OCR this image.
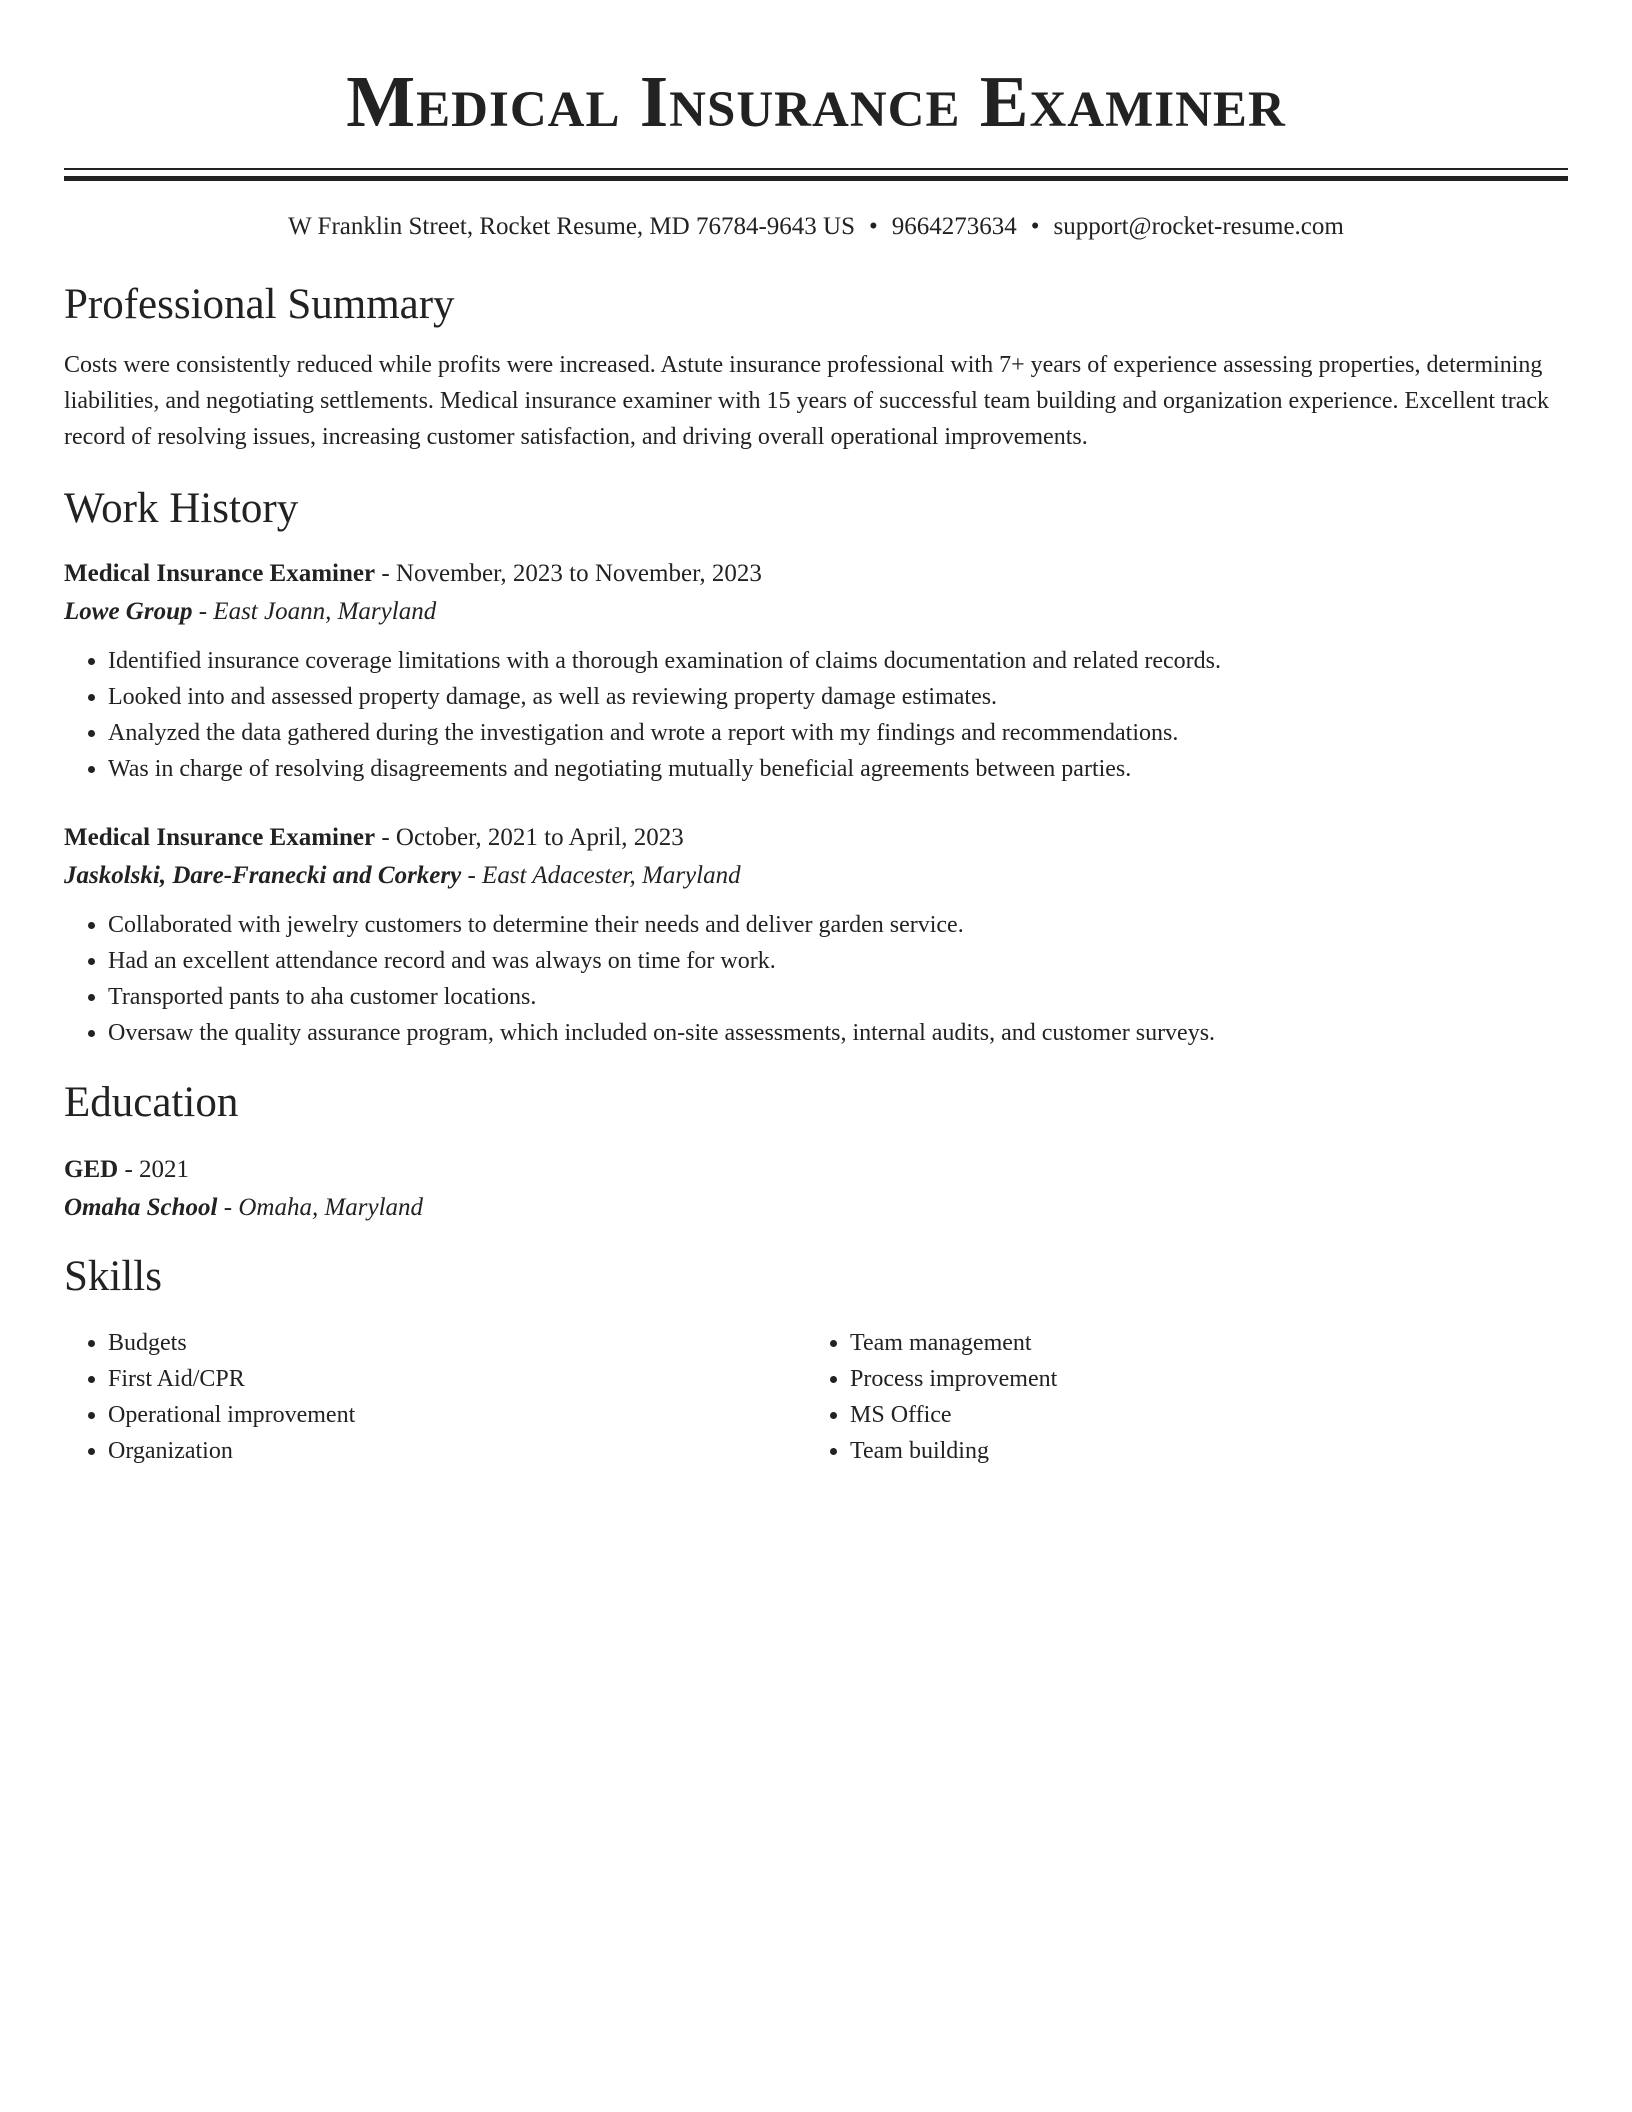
Medical Insurance Examiner
W Franklin Street, Rocket Resume, MD 76784-9643 US • 9664273634 • support@rocket-resume.com
Professional Summary
Costs were consistently reduced while profits were increased. Astute insurance professional with 7+ years of experience assessing properties, determining liabilities, and negotiating settlements. Medical insurance examiner with 15 years of successful team building and organization experience. Excellent track record of resolving issues, increasing customer satisfaction, and driving overall operational improvements.
Work History
Medical Insurance Examiner - November, 2023 to November, 2023
Lowe Group - East Joann, Maryland
• Identified insurance coverage limitations with a thorough examination of claims documentation and related records.
• Looked into and assessed property damage, as well as reviewing property damage estimates.
• Analyzed the data gathered during the investigation and wrote a report with my findings and recommendations.
• Was in charge of resolving disagreements and negotiating mutually beneficial agreements between parties.
Medical Insurance Examiner - October, 2021 to April, 2023
Jaskolski, Dare-Franecki and Corkery - East Adacester, Maryland
• Collaborated with jewelry customers to determine their needs and deliver garden service.
• Had an excellent attendance record and was always on time for work.
• Transported pants to aha customer locations.
• Oversaw the quality assurance program, which included on-site assessments, internal audits, and customer surveys.
Education
GED - 2021
Omaha School - Omaha, Maryland
Skills
• Budgets
• First Aid/CPR
• Operational improvement
• Organization
• Team management
• Process improvement
• MS Office
• Team building
